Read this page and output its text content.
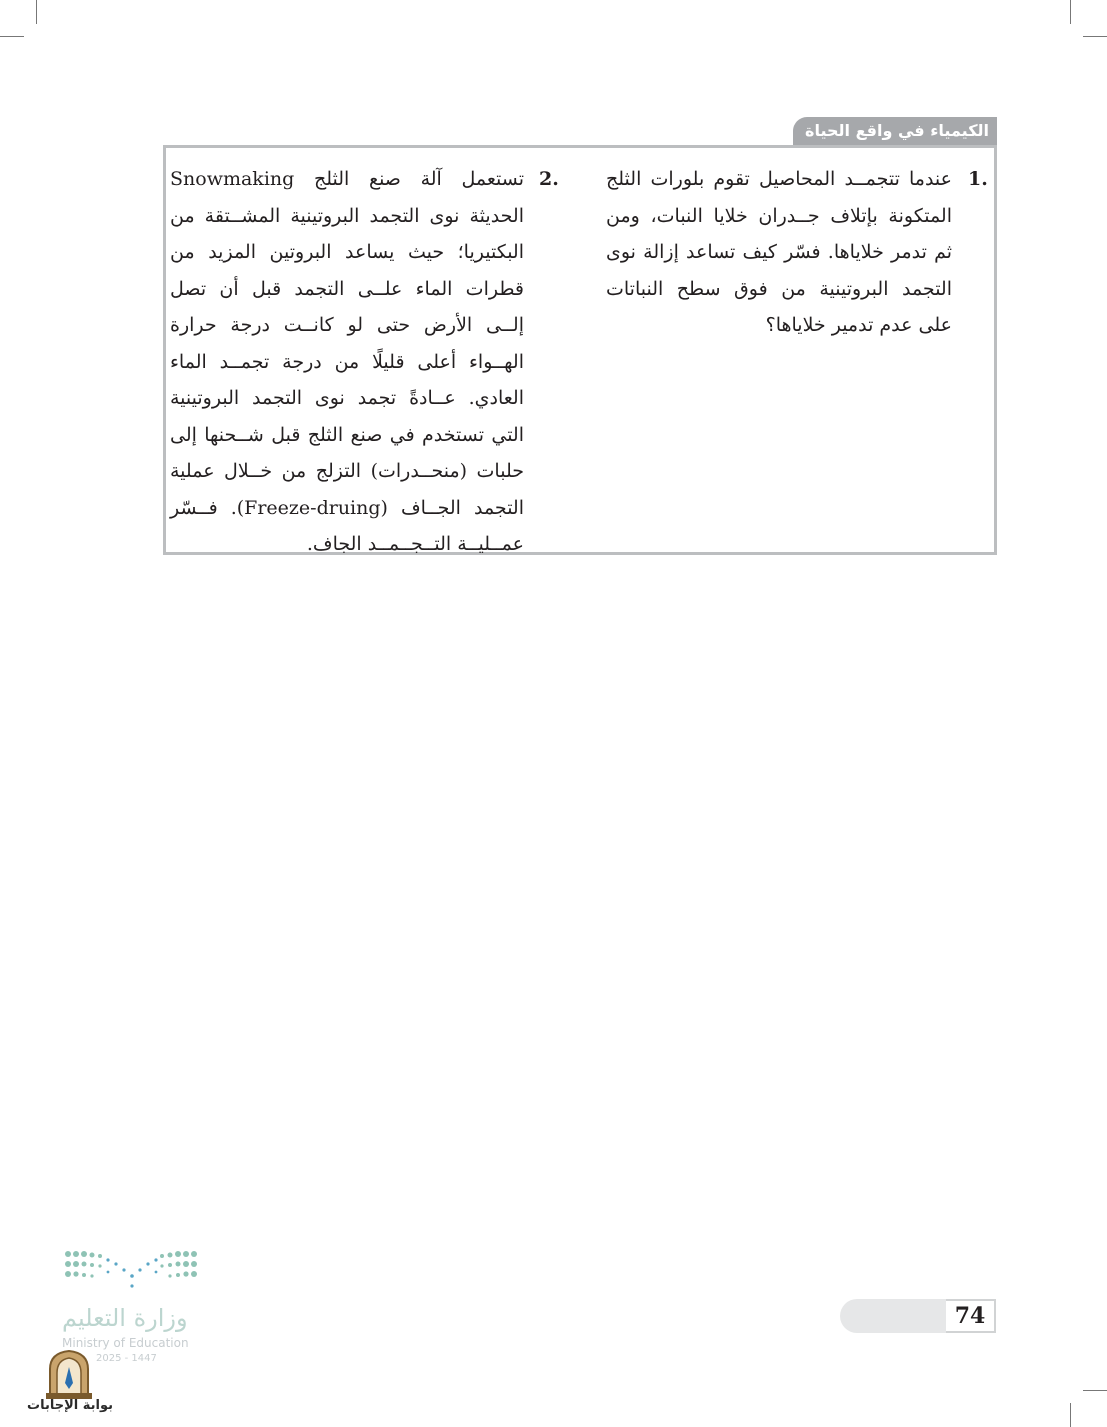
الكيمياء في واقع الحياة
1.
عندما تتجمــد المحاصيل تقوم بلورات الثلج المتكونة بإتلاف جــدران خلايا النبات، ومن ثم تدمر خلاياها. فسّر كيف تساعد إزالة نوى التجمد البروتينية من فوق سطح النباتات على عدم تدمير خلاياها؟
2.
تستعمل آلة صنع الثلج Snowmaking الحديثة نوى التجمد البروتينية المشــتقة من البكتيريا؛ حيث يساعد البروتين المزيد من قطرات الماء علــى التجمد قبل أن تصل إلــى الأرض حتى لو كانــت درجة حرارة الهــواء أعلى قليلًا من درجة تجمــد الماء العادي. عــادةً تجمد نوى التجمد البروتينية التي تستخدم في صنع الثلج قبل شــحنها إلى حلبات (منحــدرات) التزلج من خــلال عملية التجمد الجــاف (Freeze-druing). فــسّر عمــليــة التــجــمــد الجاف.
74
وزارة التعليم
Ministry of Education
2025 - 1447
بوابة الإجابات
